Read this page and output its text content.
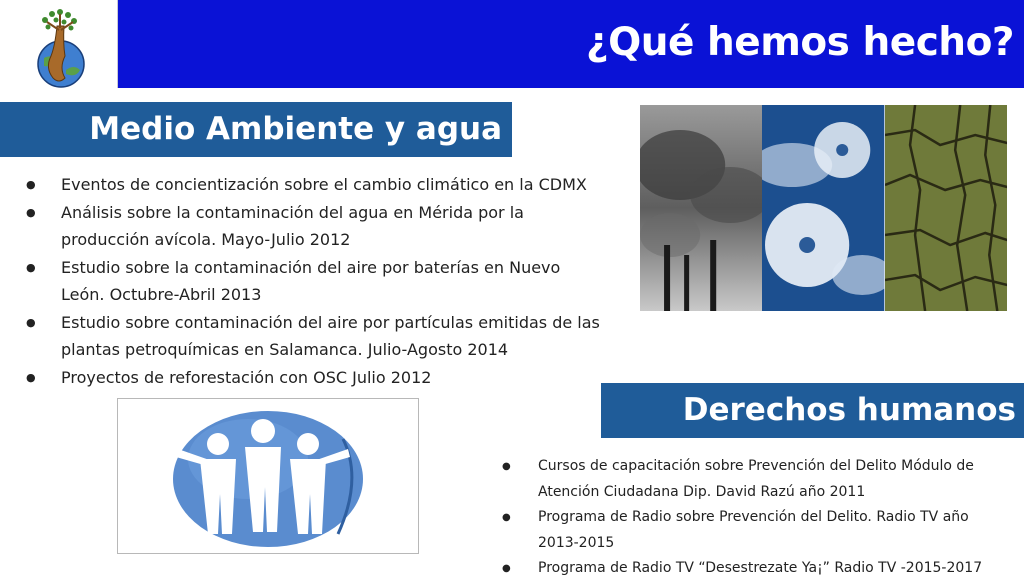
¿Qué hemos hecho?
Medio Ambiente y agua
● Eventos de concientización sobre el cambio climático en la CDMX
● Análisis sobre la contaminación del agua en Mérida por la producción avícola. Mayo-Julio 2012
● Estudio sobre la contaminación del aire por baterías en Nuevo León. Octubre-Abril 2013
● Estudio sobre contaminación del aire por partículas emitidas de las plantas petroquímicas en Salamanca. Julio-Agosto 2014
● Proyectos de reforestación con OSC Julio 2012
Derechos humanos
● Cursos de capacitación sobre Prevención del Delito Módulo de Atención Ciudadana Dip. David Razú año 2011
● Programa de Radio sobre Prevención del Delito. Radio TV año 2013-2015
● Programa de Radio TV “Desestrezate Ya¡” Radio TV -2015-2017
